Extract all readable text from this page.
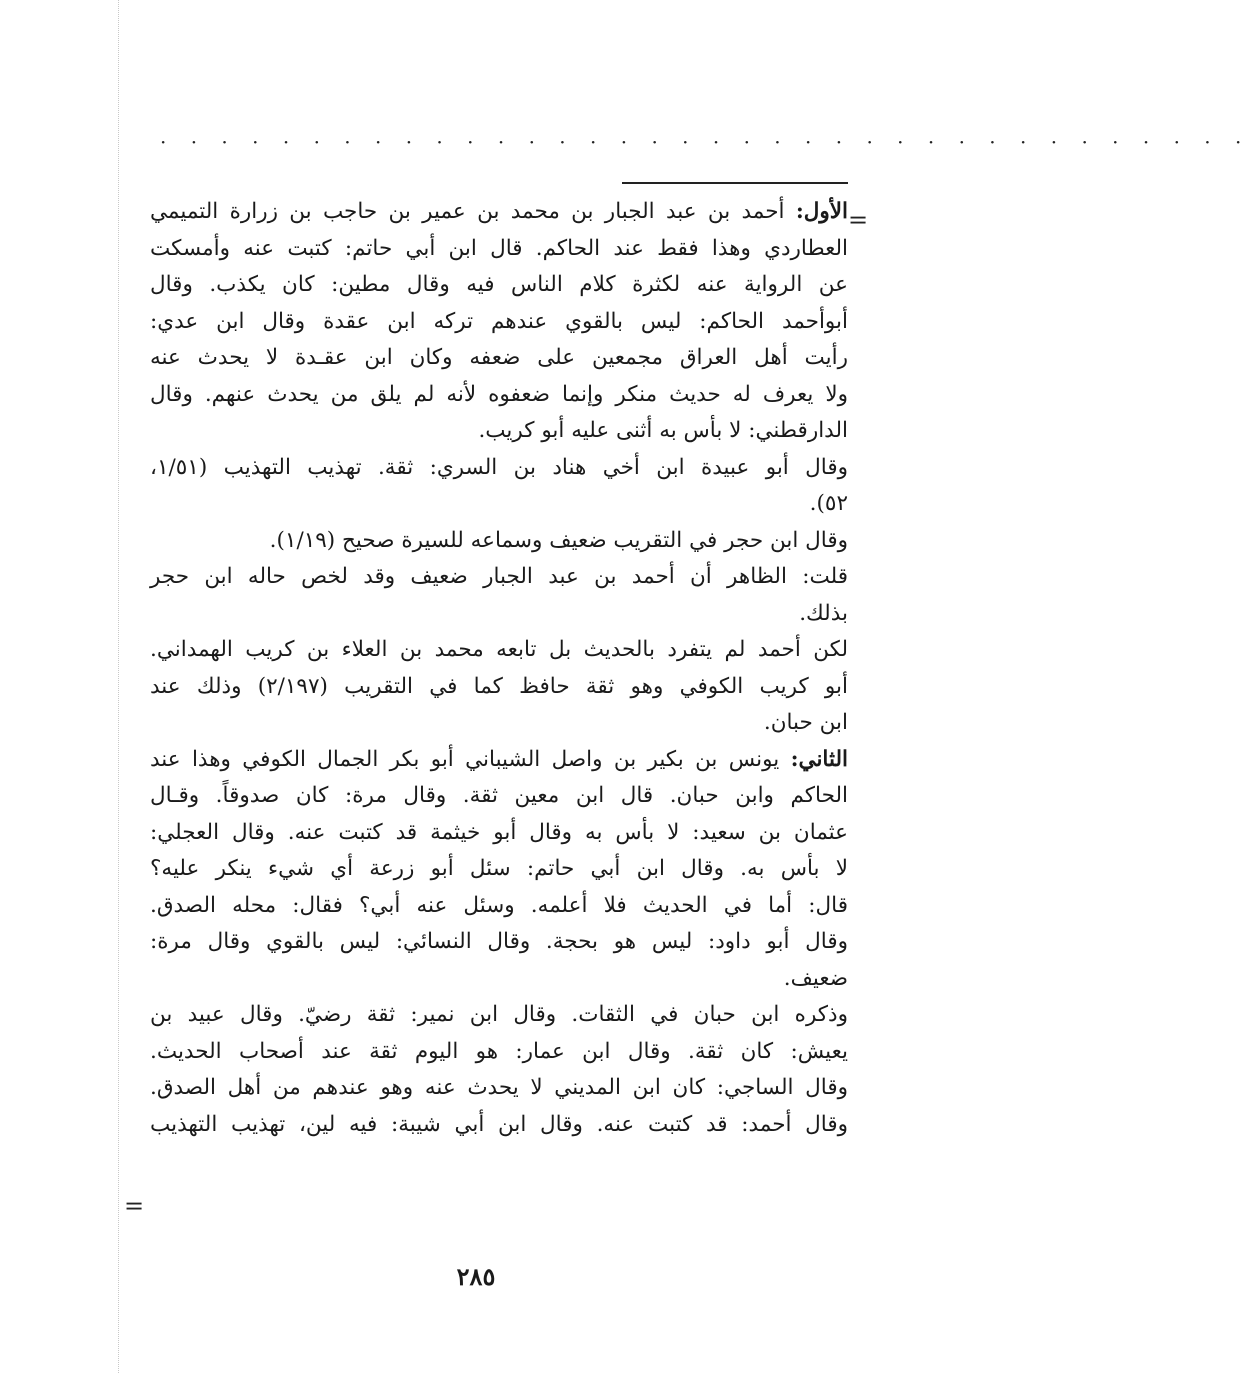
· · · · · · · · · · · · · · · · · · · · · · · · · · · · · · · · · · · ·
=
=
الأول: أحمد بن عبد الجبار بن محمد بن عمير بن حاجب بن زرارة التميمي
العطاردي وهذا فقط عند الحاكم. قال ابن أبي حاتم: كتبت عنه وأمسكت
عن الرواية عنه لكثرة كلام الناس فيه وقال مطين: كان يكذب. وقال
أبوأحمد الحاكم: ليس بالقوي عندهم تركه ابن عقدة وقال ابن عدي:
رأيت أهل العراق مجمعين على ضعفه وكان ابن عقـدة لا يحدث عنه
ولا يعرف له حديث منكر وإنما ضعفوه لأنه لم يلق من يحدث عنهم. وقال
الدارقطني: لا بأس به أثنى عليه أبو كريب.
وقال أبو عبيدة ابن أخي هناد بن السري: ثقة. تهذيب التهذيب (١/٥١،
٥٢).
وقال ابن حجر في التقريب ضعيف وسماعه للسيرة صحيح (١/١٩).
قلت: الظاهر أن أحمد بن عبد الجبار ضعيف وقد لخص حاله ابن حجر
بذلك.
لكن أحمد لم يتفرد بالحديث بل تابعه محمد بن العلاء بن كريب الهمداني.
أبو كريب الكوفي وهو ثقة حافظ كما في التقريب (٢/١٩٧) وذلك عند
ابن حبان.
الثاني: يونس بن بكير بن واصل الشيباني أبو بكر الجمال الكوفي وهذا عند
الحاكم وابن حبان. قال ابن معين ثقة. وقال مرة: كان صدوقاً. وقـال
عثمان بن سعيد: لا بأس به وقال أبو خيثمة قد كتبت عنه. وقال العجلي:
لا بأس به. وقال ابن أبي حاتم: سئل أبو زرعة أي شيء ينكر عليه؟
قال: أما في الحديث فلا أعلمه. وسئل عنه أبي؟ فقال: محله الصدق.
وقال أبو داود: ليس هو بحجة. وقال النسائي: ليس بالقوي وقال مرة:
ضعيف.
وذكره ابن حبان في الثقات. وقال ابن نمير: ثقة رضيّ. وقال عبيد بن
يعيش: كان ثقة. وقال ابن عمار: هو اليوم ثقة عند أصحاب الحديث.
وقال الساجي: كان ابن المديني لا يحدث عنه وهو عندهم من أهل الصدق.
وقال أحمد: قد كتبت عنه. وقال ابن أبي شيبة: فيه لين، تهذيب التهذيب
٢٨٥
